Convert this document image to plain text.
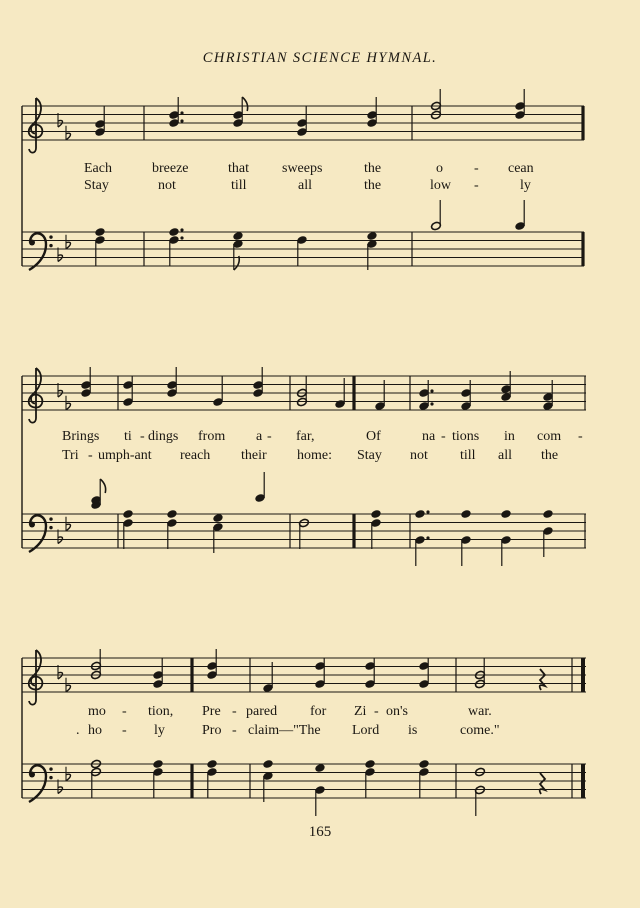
CHRISTIAN SCIENCE HYMNAL.
Each	breeze	that sweeps	the	o - cean
Stay	not	till	all	the	low -	ly
Brings ti - dings from a - far,	Of	na - tions in com -
Tri - umph-ant reach their home: Stay not till all the
mo - tion, Pre - pared for Zi - on's	war.
. ho - ly	Pro - claim—"The Lord is	come."
165
